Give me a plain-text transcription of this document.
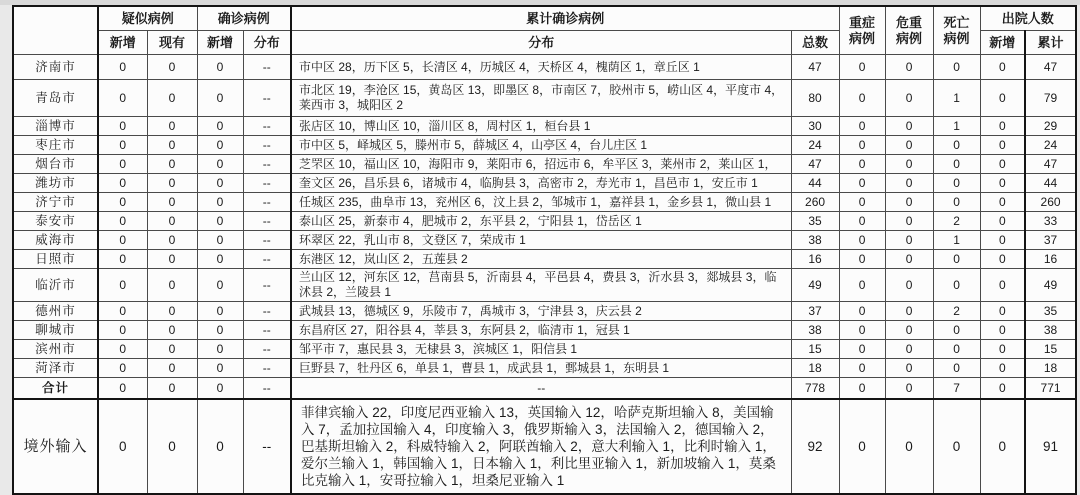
	疑似病例		确诊病例		累计确诊病例		重症病例	危重病例	死亡病例	出院人数	
	新增	现有	新增	分布	分布	总数				新增	累计
济南市	0	0	0	--	市中区 28，历下区 5，长清区 4，历城区 4，天桥区 4，槐荫区 1，章丘区 1	47	0	0	0	0	47
青岛市	0	0	0	--	市北区 19，李沧区 15，黄岛区 13，即墨区 8，市南区 7，胶州市 5，崂山区 4，平度市 4，莱西市 3，城阳区 2	80	0	0	1	0	79
淄博市	0	0	0	--	张店区 10，博山区 10，淄川区 8，周村区 1，桓台县 1	30	0	0	1	0	29
枣庄市	0	0	0	--	市中区 5，峄城区 5，滕州市 5，薛城区 4，山亭区 4，台儿庄区 1	24	0	0	0	0	24
烟台市	0	0	0	--	芝罘区 10，福山区 10，海阳市 9，莱阳市 6，招远市 6，牟平区 3，莱州市 2，莱山区 1，	47	0	0	0	0	47
潍坊市	0	0	0	--	奎文区 26，昌乐县 6，诸城市 4，临朐县 3，高密市 2，寿光市 1，昌邑市 1，安丘市 1	44	0	0	0	0	44
济宁市	0	0	0	--	任城区 235，曲阜市 13，兖州区 6，汶上县 2，邹城市 1，嘉祥县 1，金乡县 1，微山县 1	260	0	0	0	0	260
泰安市	0	0	0	--	泰山区 25，新泰市 4，肥城市 2，东平县 2，宁阳县 1，岱岳区 1	35	0	0	2	0	33
威海市	0	0	0	--	环翠区 22，乳山市 8，文登区 7，荣成市 1	38	0	0	1	0	37
日照市	0	0	0	--	东港区 12，岚山区 2，五莲县 2	16	0	0	0	0	16
临沂市	0	0	0	--	兰山区 12，河东区 12，莒南县 5，沂南县 4，平邑县 4，费县 3，沂水县 3，郯城县 3，临沭县 2，兰陵县 1	49	0	0	0	0	49
德州市	0	0	0	--	武城县 13，德城区 9，乐陵市 7，禹城市 3，宁津县 3，庆云县 2	37	0	0	2	0	35
聊城市	0	0	0	--	东昌府区 27，阳谷县 4，莘县 3，东阿县 2，临清市 1，冠县 1	38	0	0	0	0	38
滨州市	0	0	0	--	邹平市 7，惠民县 3，无棣县 3，滨城区 1，阳信县 1	15	0	0	0	0	15
菏泽市	0	0	0	--	巨野县 7，牡丹区 6，单县 1，曹县 1，成武县 1，鄄城县 1，东明县 1	18	0	0	0	0	18
合计	0	0	0	--	--	778	0	0	7	0	771
境外输入	0	0	0	--	菲律宾输入 22，印度尼西亚输入 13，英国输入 12，哈萨克斯坦输入 8，美国输入 7，孟加拉国输入 4，印度输入 3，俄罗斯输入 3，法国输入 2，德国输入 2，巴基斯坦输入 2，科威特输入 2，阿联酋输入 2，意大利输入 1，比利时输入 1，爱尔兰输入 1，韩国输入 1，日本输入 1，利比里亚输入 1，新加坡输入 1，莫桑比克输入 1，安哥拉输入 1，坦桑尼亚输入 1	92	0	0	0	0	91
